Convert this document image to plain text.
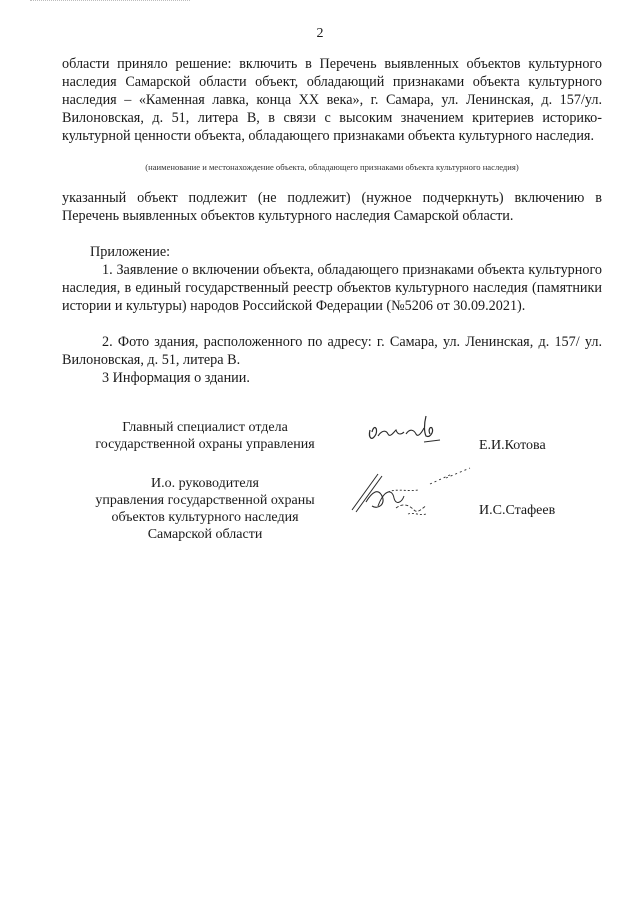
2
области приняло решение: включить в Перечень выявленных объектов культурного наследия Самарской области объект, обладающий признаками объекта культурного наследия – «Каменная лавка, конца XX века», г. Самара, ул. Ленинская, д. 157/ул. Вилоновская, д. 51, литера В, в связи с высоким значением критериев историко-культурной ценности объекта, обладающего признаками объекта культурного наследия.
(наименование и местонахождение объекта, обладающего признаками объекта культурного наследия)
указанный объект подлежит (не подлежит) (нужное подчеркнуть) включению в Перечень выявленных объектов культурного наследия Самарской области.
Приложение:
1. Заявление о включении объекта, обладающего признаками объекта культурного наследия, в единый государственный реестр объектов культурного наследия (памятники истории и культуры) народов Российской Федерации (№5206 от 30.09.2021).
2. Фото здания, расположенного по адресу: г. Самара, ул. Ленинская, д. 157/ ул. Вилоновская, д. 51, литера В.
3 Информация о здании.
Главный специалист отдела
государственной охраны управления	Е.И.Котова
И.о. руководителя
управления государственной охраны
объектов культурного наследия
Самарской области
И.С.Стафеев
